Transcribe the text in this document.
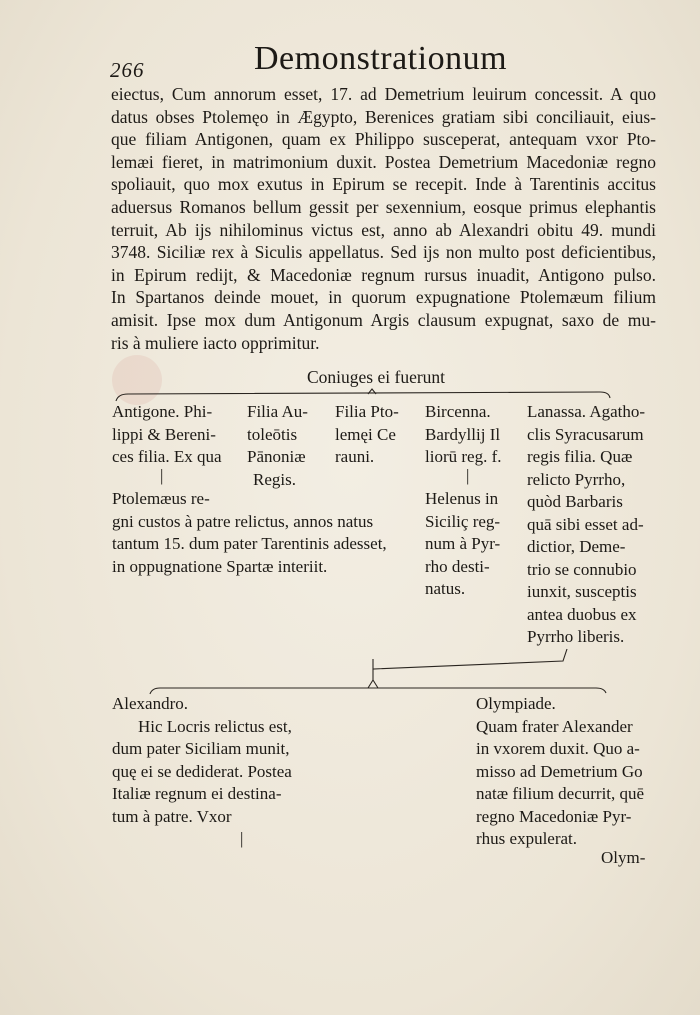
266	Demonstrationum
eiectus, Cum annorum esset, 17. ad Demetrium leuirum concessit. A quo
datus obses Ptolemęo in Ægypto, Berenices gratiam sibi conciliauit, eius-
que filiam Antigonen, quam ex Philippo susceperat, antequam vxor Pto-
lemæi fieret, in matrimonium duxit. Postea Demetrium Macedoniæ regno
spoliauit, quo mox exutus in Epirum se recepit. Inde à Tarentinis accitus
aduersus Romanos bellum gessit per sexennium, eosque primus elephantis
terruit, Ab ijs nihilominus victus est, anno ab Alexandri obitu 49. mundi
3748. Siciliæ rex à Siculis appellatus. Sed ijs non multo post deficientibus,
in Epirum redijt, & Macedoniæ regnum rursus inuadit, Antigono pulso.
In Spartanos deinde mouet, in quorum expugnatione Ptolemæum filium
amisit. Ipse mox dum Antigonum Argis clausum expugnat, saxo de mu-
ris à muliere iacto opprimitur.
Coniuges ei fuerunt
Antigone. Phi-
lippi & Bereni-
ces filia. Ex qua
|
Ptolemæus re-
gni custos à patre relictus, annos natus
tantum 15. dum pater Tarentinis adesset,
in oppugnatione Spartæ interiit.
Filia Au-
toleōtis
Pānoniæ
Regis.
Filia Pto-
lemęi Ce
rauni.
Bircenna.
Bardyllij Il
liorū reg. f.
|
Helenus in
Siciliç reg-
num à Pyr-
rho desti-
natus.
Lanassa. Agatho-
clis Syracusarum
regis filia. Quæ
relicto Pyrrho,
quòd Barbaris
quā sibi esset ad-
dictior, Deme-
trio se connubio
iunxit, susceptis
antea duobus ex
Pyrrho liberis.
Alexandro.
Hic Locris relictus est,
dum pater Siciliam munit,
quę ei se dediderat. Postea
Italiæ regnum ei destina-
tum à patre. Vxor
|
Olympiade.
Quam frater Alexander
in vxorem duxit. Quo a-
misso ad Demetrium Go
natæ filium decurrit, quē
regno Macedoniæ Pyr-
rhus expulerat.
Olym-
